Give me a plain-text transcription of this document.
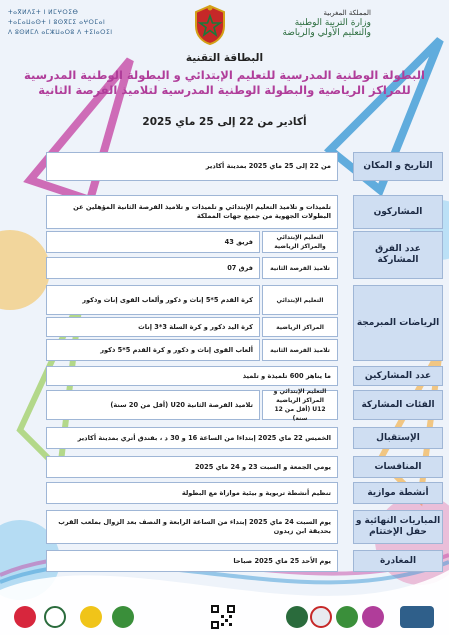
ⵜⴰⴳⵍⴷⵉⵜ ⵏ ⵍⵎⵖⵔⵉⴱ
ⵜⴰⵎⴰⵡⴰⵙⵜ ⵏ ⵓⵙⴳⵎⵉ ⴰⵖⵔⵎⴰⵏ
ⴷ ⵓⵙⵍⵎⴷ ⴰⵎⵣⵡⴰⵔⵓ ⴷ ⵜⵉⵏⴰⵔⵉⵏ
المملكة المغربية
وزارة التربية الوطنية
والتعليم الأولي والرياضة
البطاقة التقنية
البطولة الوطنية المدرسية للتعليم الإبتدائي و البطولة الوطنية المدرسية
للمراكز الرياضية والبطولة الوطنية المدرسية لتلاميذ الفرصة الثانية
أكادير من 22 إلى 25 ماي 2025
التاريخ و المكان
من 22 إلى 25 ماي 2025 بمدينة أكادير
المشاركون
تلميذات و تلاميذ التعليم الإبتدائي و تلميذات و تلاميذ الفرصة الثانية المؤهلين عن البطولات الجهوية من جميع جهات المملكة
عدد الفرق المشاركة
التعليم الإبتدائي والمراكز الرياضية
فريق 43
تلاميذ الفرصة الثانية
فرق 07
الرياضات المبرمجة
التعليم الإبتدائي
كرة القدم 5*5 إناث و ذكور وألعاب القوى إناث وذكور
المراكز الرياضية
كرة اليد ذكور و كرة السلة 3*3 إناث
تلاميذ الفرصة الثانية
ألعاب القوى إناث و ذكور و كرة القدم 5*5 ذكور
عدد المشاركين
ما يناهز 600 تلميذة و تلميذ
الفئات المشاركة
التعليم الإبتدائي و المراكز الرياضية U12 (أقل من 12 سنة)
تلاميذ الفرصة الثانية U20 (أقل من 20 سنة)
الإستقبال
الخميس 22 ماي 2025 إبتداءا من الساعة 16 و 30 د ، بفندق أتري بمدينة أكادير
المنافسات
يومي الجمعة و السبت 23 و 24 ماي 2025
أنشطة موازية
تنظيم أنشطة تربوية و بيئية موازاة مع البطولة
المباريات النهائية و حفل الإختتام
يوم السبت 24 ماي 2025 إبتداء من الساعة الرابعة و النصف بعد الزوال بملعب القرب بحديقة ابن زيدون
المغادرة
يوم الأحد 25 ماي 2025 صباحا
